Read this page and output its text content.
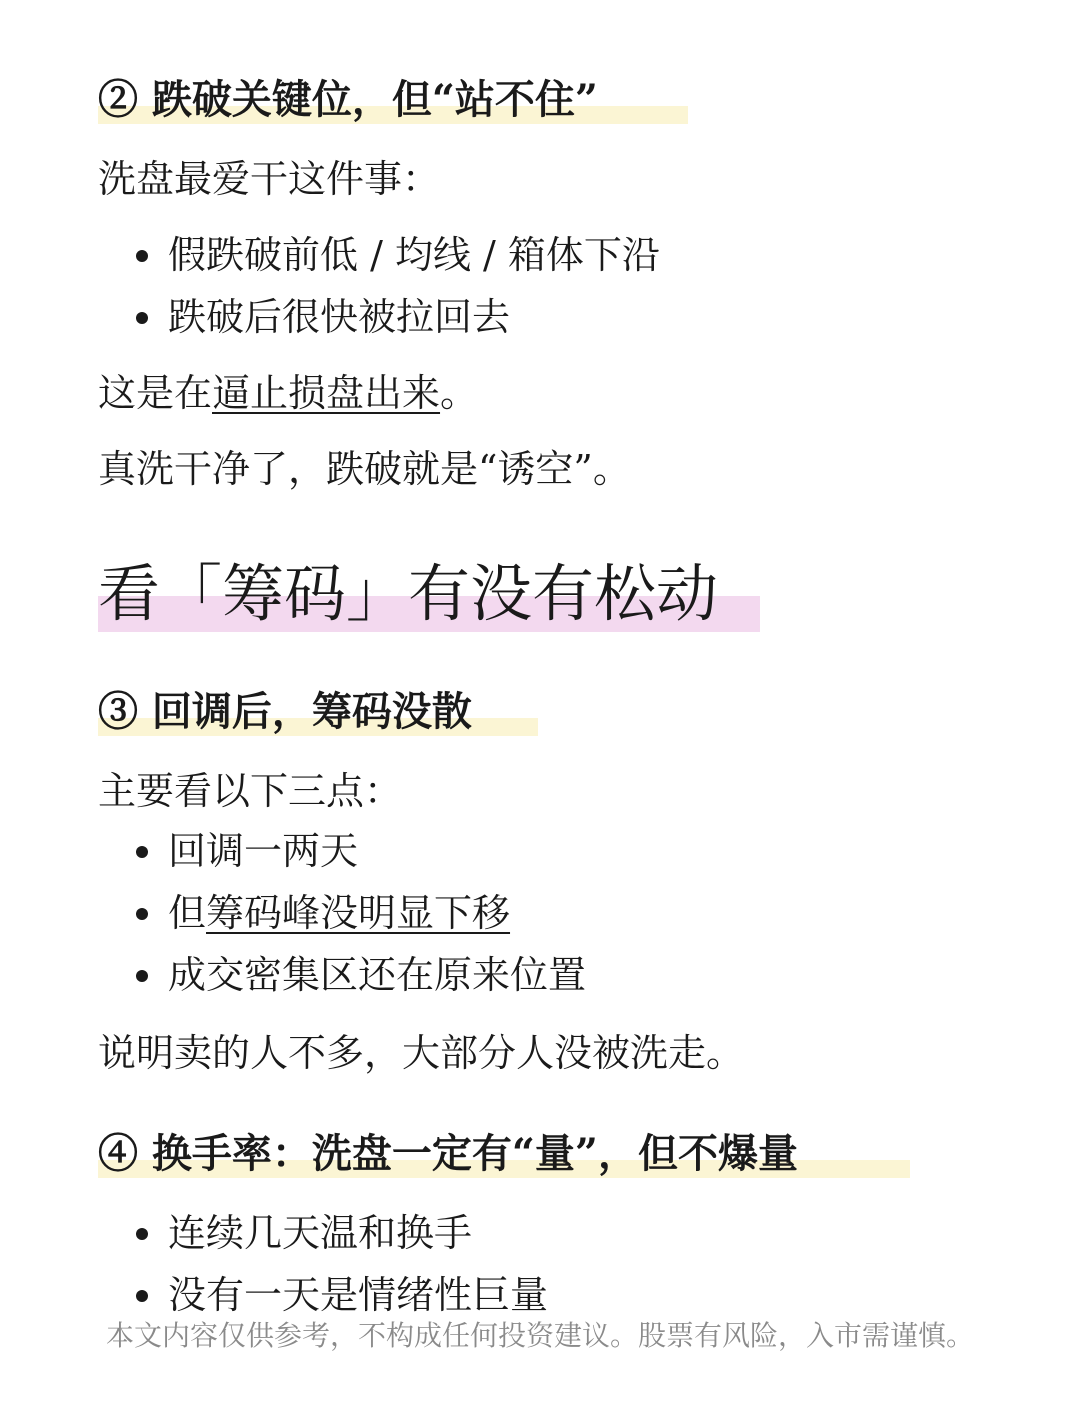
② 跌破关键位，但“站不住”
洗盘最爱干这件事：
假跌破前低 / 均线 / 箱体下沿
跌破后很快被拉回去
这是在逼止损盘出来。
真洗干净了，跌破就是“诱空”。
看「筹码」有没有松动
③ 回调后，筹码没散
主要看以下三点：
回调一两天
但筹码峰没明显下移
成交密集区还在原来位置
说明卖的人不多，大部分人没被洗走。
④ 换手率：洗盘一定有“量”，但不爆量
连续几天温和换手
没有一天是情绪性巨量
本文内容仅供参考，不构成任何投资建议。股票有风险，入市需谨慎。
